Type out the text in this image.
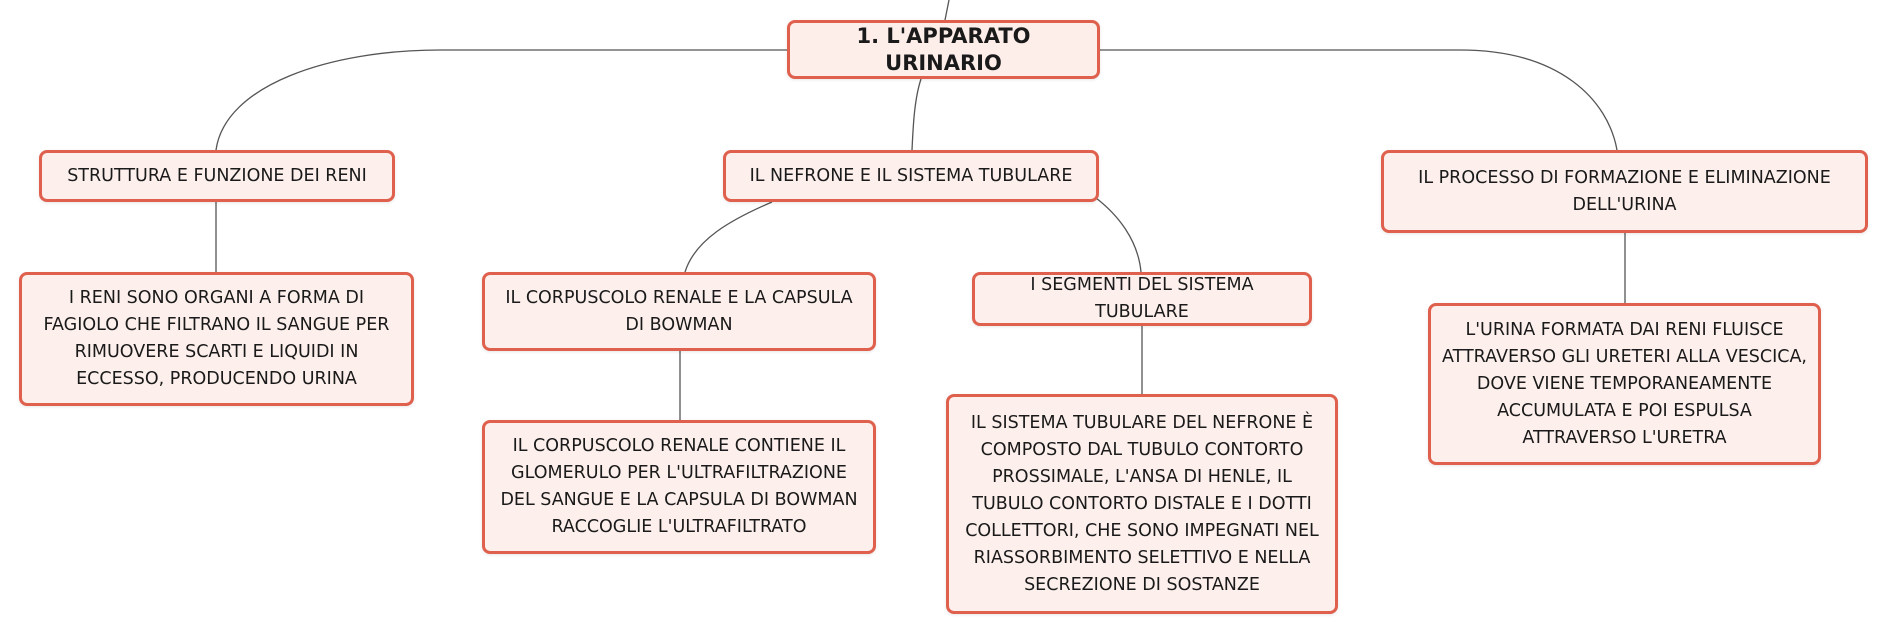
1. L'APPARATO URINARIO
STRUTTURA E FUNZIONE DEI RENI	IL NEFRONE E IL SISTEMA TUBULARE	IL PROCESSO DI FORMAZIONE E ELIMINAZIONE DELL'URINA
I RENI SONO ORGANI A FORMA DI FAGIOLO CHE FILTRANO IL SANGUE PER RIMUOVERE SCARTI E LIQUIDI IN ECCESSO, PRODUCENDO URINA
IL CORPUSCOLO RENALE E LA CAPSULA DI BOWMAN
I SEGMENTI DEL SISTEMA TUBULARE
IL CORPUSCOLO RENALE CONTIENE IL GLOMERULO PER L'ULTRAFILTRAZIONE DEL SANGUE E LA CAPSULA DI BOWMAN RACCOGLIE L'ULTRAFILTRATO
IL SISTEMA TUBULARE DEL NEFRONE È COMPOSTO DAL TUBULO CONTORTO PROSSIMALE, L'ANSA DI HENLE, IL TUBULO CONTORTO DISTALE E I DOTTI COLLETTORI, CHE SONO IMPEGNATI NEL RIASSORBIMENTO SELETTIVO E NELLA SECREZIONE DI SOSTANZE
L'URINA FORMATA DAI RENI FLUISCE ATTRAVERSO GLI URETERI ALLA VESCICA, DOVE VIENE TEMPORANEAMENTE ACCUMULATA E POI ESPULSA ATTRAVERSO L'URETRA
